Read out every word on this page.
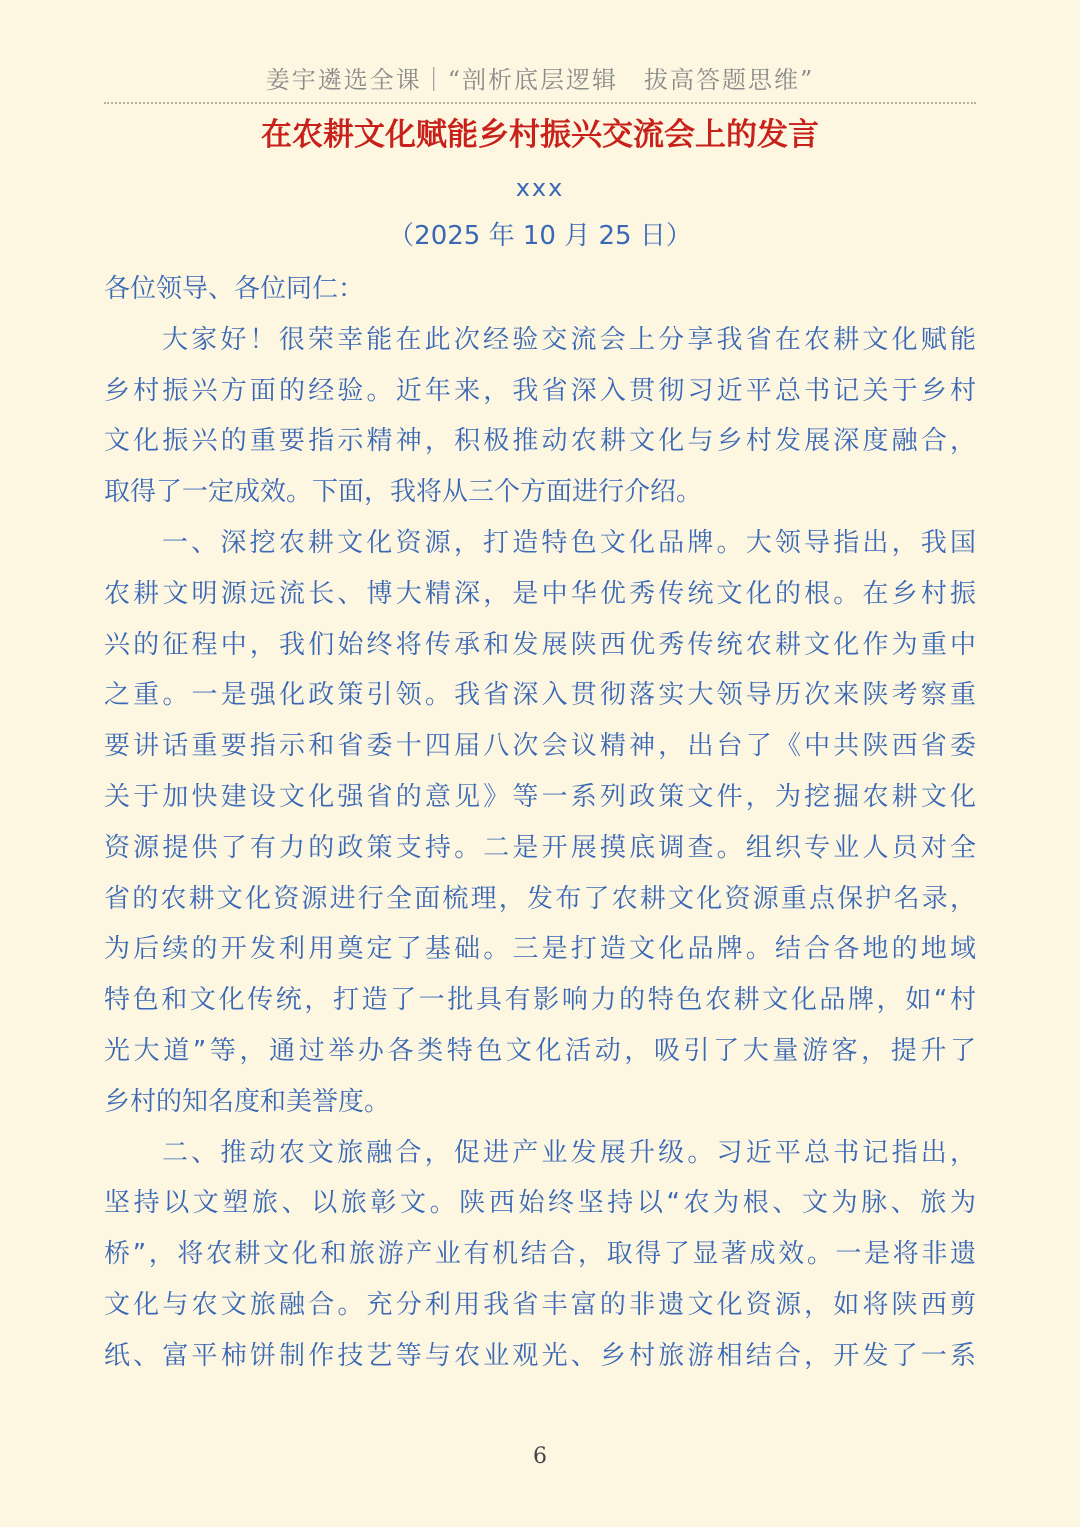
姜宇遴选全课｜“剖析底层逻辑　拔高答题思维”
在农耕文化赋能乡村振兴交流会上的发言
xxx
（2025 年 10 月 25 日）
各位领导、各位同仁：
大家好！很荣幸能在此次经验交流会上分享我省在农耕文化赋能
乡村振兴方面的经验。近年来，我省深入贯彻习近平总书记关于乡村
文化振兴的重要指示精神，积极推动农耕文化与乡村发展深度融合，
取得了一定成效。下面，我将从三个方面进行介绍。
一、深挖农耕文化资源，打造特色文化品牌。大领导指出，我国
农耕文明源远流长、博大精深，是中华优秀传统文化的根。在乡村振
兴的征程中，我们始终将传承和发展陕西优秀传统农耕文化作为重中
之重。一是强化政策引领。我省深入贯彻落实大领导历次来陕考察重
要讲话重要指示和省委十四届八次会议精神，出台了《中共陕西省委
关于加快建设文化强省的意见》等一系列政策文件，为挖掘农耕文化
资源提供了有力的政策支持。二是开展摸底调查。组织专业人员对全
省的农耕文化资源进行全面梳理，发布了农耕文化资源重点保护名录，
为后续的开发利用奠定了基础。三是打造文化品牌。结合各地的地域
特色和文化传统，打造了一批具有影响力的特色农耕文化品牌，如“村
光大道”等，通过举办各类特色文化活动，吸引了大量游客，提升了
乡村的知名度和美誉度。
二、推动农文旅融合，促进产业发展升级。习近平总书记指出，
坚持以文塑旅、以旅彰文。陕西始终坚持以“农为根、文为脉、旅为
桥”，将农耕文化和旅游产业有机结合，取得了显著成效。一是将非遗
文化与农文旅融合。充分利用我省丰富的非遗文化资源，如将陕西剪
纸、富平柿饼制作技艺等与农业观光、乡村旅游相结合，开发了一系
6
